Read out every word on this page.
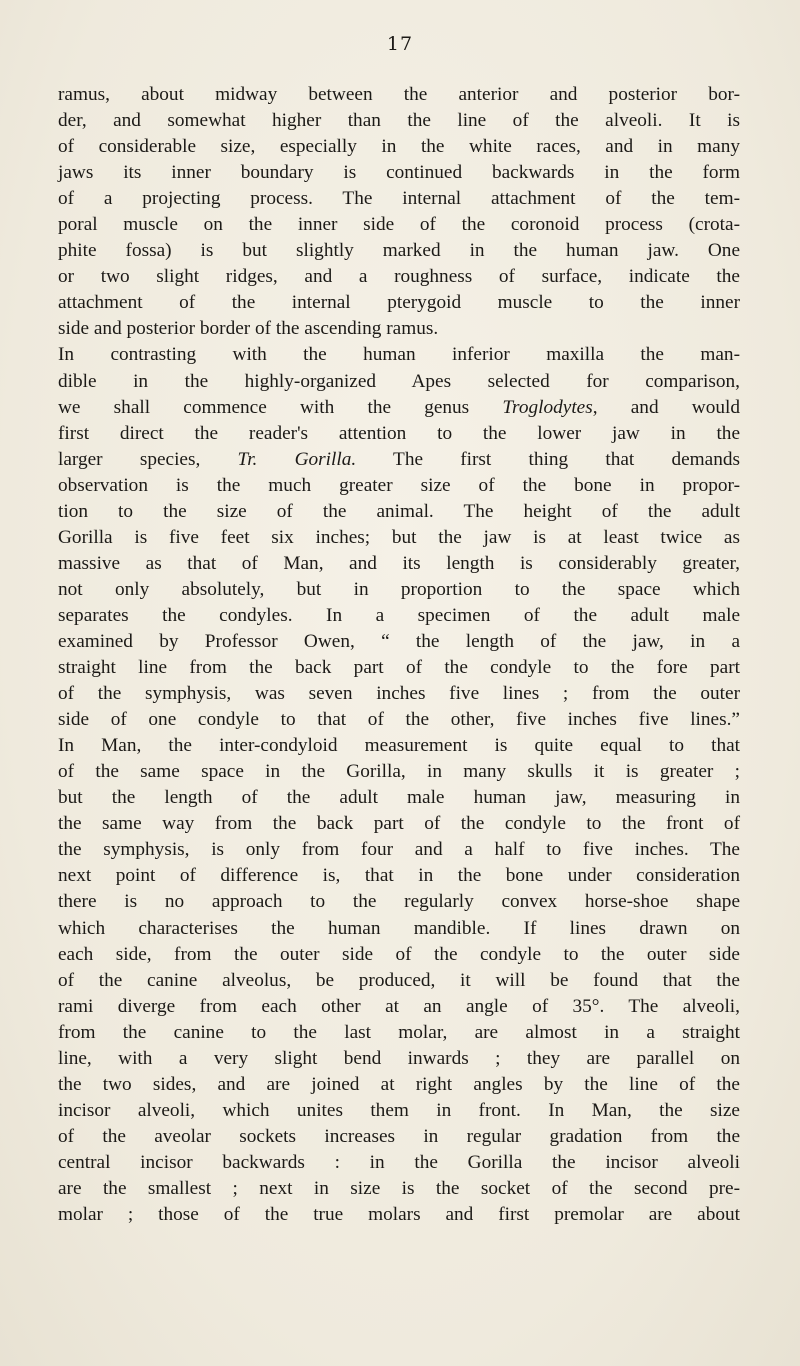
17
ramus, about midway between the anterior and posterior bor-
der, and somewhat higher than the line of the alveoli. It is
of considerable size, especially in the white races, and in many
jaws its inner boundary is continued backwards in the form
of a projecting process. The internal attachment of the tem-
poral muscle on the inner side of the coronoid process (crota-
phite fossa) is but slightly marked in the human jaw. One
or two slight ridges, and a roughness of surface, indicate the
attachment of the internal pterygoid muscle to the inner
side and posterior border of the ascending ramus.
In contrasting with the human inferior maxilla the man-
dible in the highly-organized Apes selected for comparison,
we shall commence with the genus Troglodytes, and would
first direct the reader's attention to the lower jaw in the
larger species, Tr. Gorilla. The first thing that demands
observation is the much greater size of the bone in propor-
tion to the size of the animal. The height of the adult
Gorilla is five feet six inches; but the jaw is at least twice as
massive as that of Man, and its length is considerably greater,
not only absolutely, but in proportion to the space which
separates the condyles. In a specimen of the adult male
examined by Professor Owen, “ the length of the jaw, in a
straight line from the back part of the condyle to the fore part
of the symphysis, was seven inches five lines ; from the outer
side of one condyle to that of the other, five inches five lines.”
In Man, the inter-condyloid measurement is quite equal to that
of the same space in the Gorilla, in many skulls it is greater ;
but the length of the adult male human jaw, measuring in
the same way from the back part of the condyle to the front of
the symphysis, is only from four and a half to five inches. The
next point of difference is, that in the bone under consideration
there is no approach to the regularly convex horse-shoe shape
which characterises the human mandible. If lines drawn on
each side, from the outer side of the condyle to the outer side
of the canine alveolus, be produced, it will be found that the
rami diverge from each other at an angle of 35°. The alveoli,
from the canine to the last molar, are almost in a straight
line, with a very slight bend inwards ; they are parallel on
the two sides, and are joined at right angles by the line of the
incisor alveoli, which unites them in front. In Man, the size
of the aveolar sockets increases in regular gradation from the
central incisor backwards : in the Gorilla the incisor alveoli
are the smallest ; next in size is the socket of the second pre-
molar ; those of the true molars and first premolar are about
